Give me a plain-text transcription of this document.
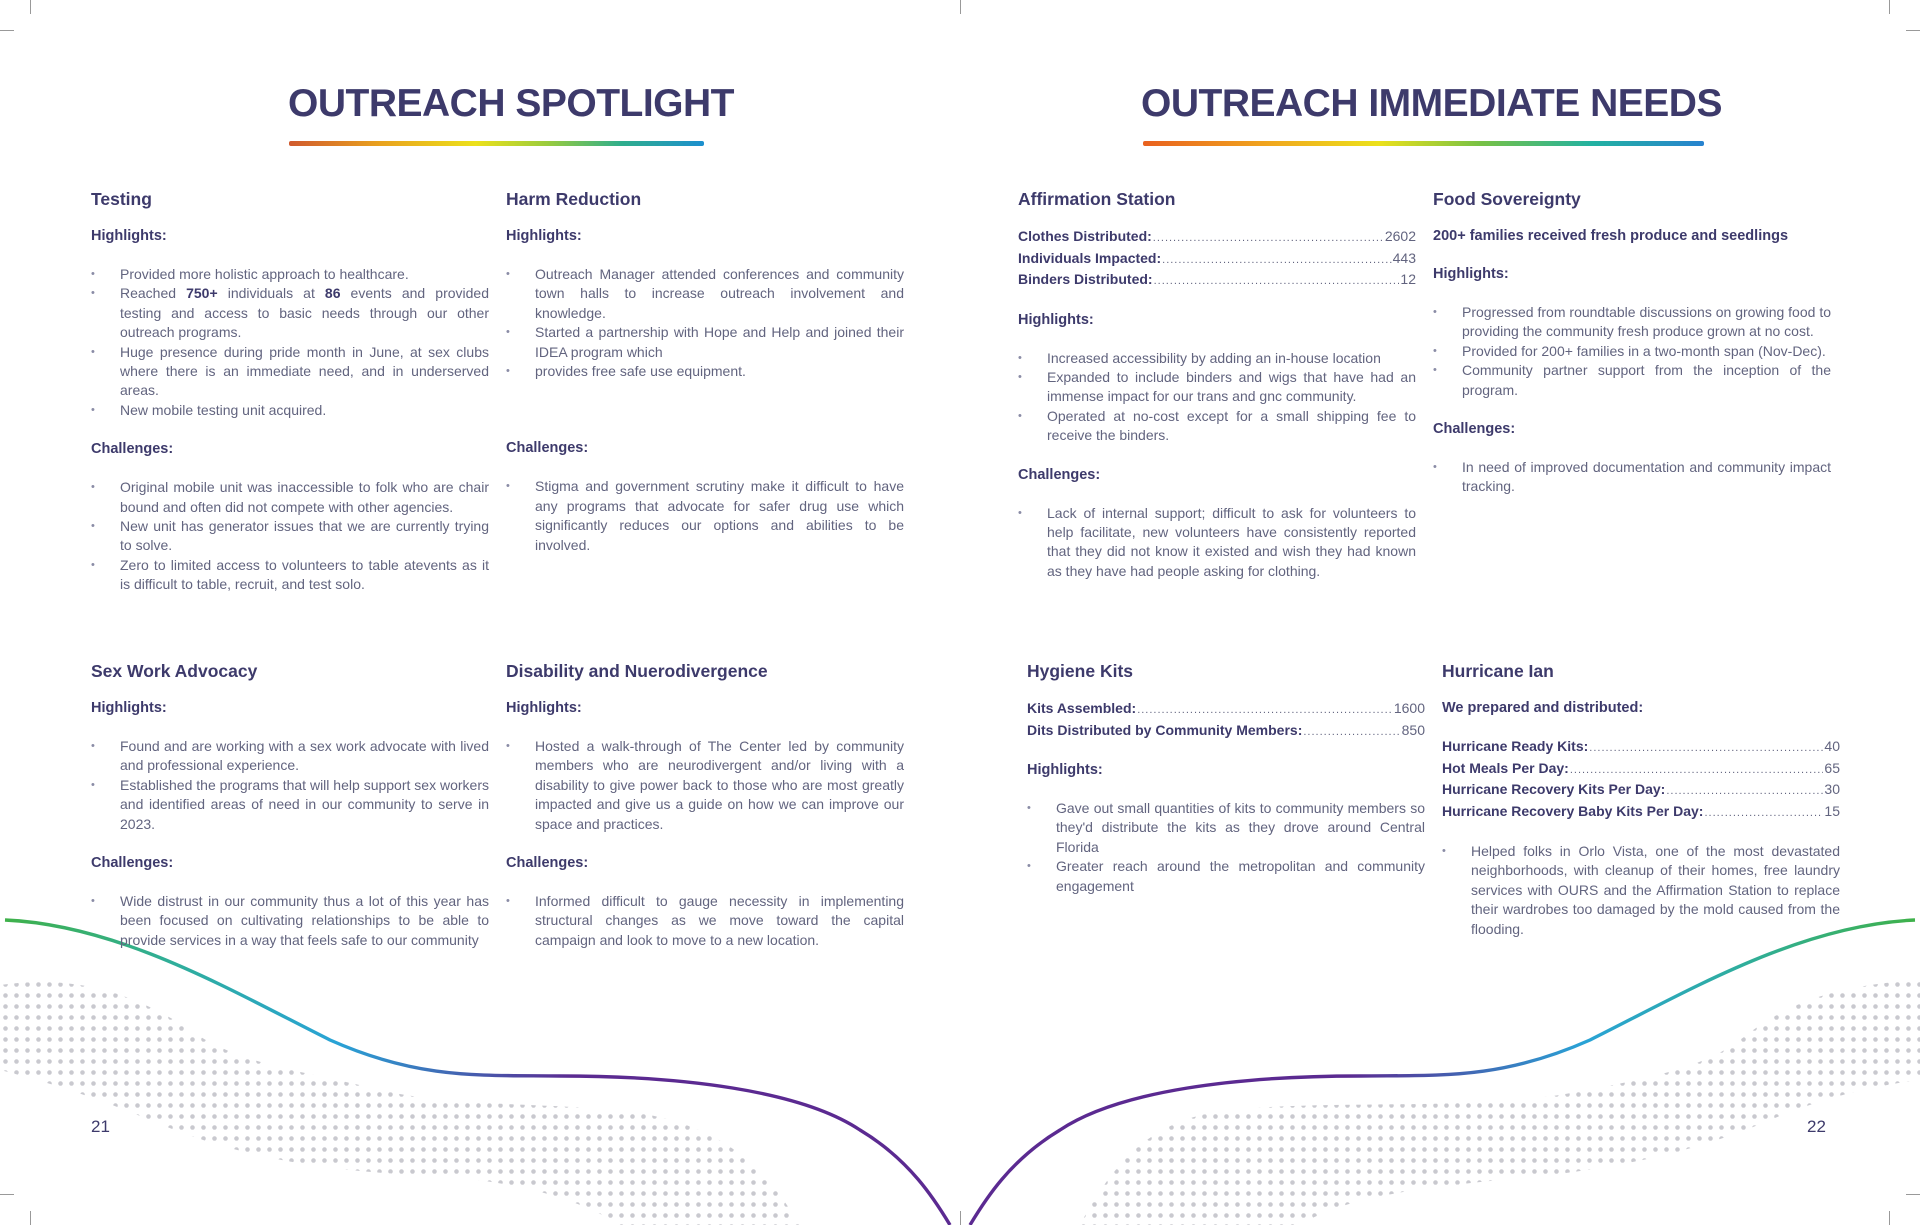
OUTREACH SPOTLIGHT	OUTREACH IMMEDIATE NEEDS
Testing
Highlights:
• Provided more holistic approach to healthcare.
• Reached 750+ individuals at 86 events and provided testing and access to basic needs through our other outreach programs.
• Huge presence during pride month in June, at sex clubs where there is an immediate need, and in underserved areas.
• New mobile testing unit acquired.
Challenges:
• Original mobile unit was inaccessible to folk who are chair bound and often did not compete with other agencies.
• New unit has generator issues that we are currently trying to solve.
• Zero to limited access to volunteers to table atevents as it is difficult to table, recruit, and test solo.
Harm Reduction
Highlights:
• Outreach Manager attended conferences and community town halls to increase outreach involvement and knowledge.
• Started a partnership with Hope and Help and joined their IDEA program which
• provides free safe use equipment.
Challenges:
• Stigma and government scrutiny make it difficult to have any programs that advocate for safer drug use which significantly reduces our options and abilities to be involved.
Sex Work Advocacy
Highlights:
• Found and are working with a sex work advocate with lived and professional experience.
• Established the programs that will help support sex workers and identified areas of need in our community to serve in 2023.
Challenges:
• Wide distrust in our community thus a lot of this year has been focused on cultivating relationships to be able to provide services in a way that feels safe to our community
Disability and Nuerodivergence
Highlights:
• Hosted a walk-through of The Center led by community members who are neurodivergent and/or living with a disability to give power back to those who are most greatly impacted and give us a guide on how we can improve our space and practices.
Challenges:
• Informed difficult to gauge necessity in implementing structural changes as we move toward the capital campaign and look to move to a new location.
Affirmation Station
Clothes Distributed: .....	2602
Individuals Impacted: .....	443
Binders Distributed: .....	12
Highlights:
• Increased accessibility by adding an in-house location
• Expanded to include binders and wigs that have had an immense impact for our trans and gnc community.
• Operated at no-cost except for a small shipping fee to receive the binders.
Challenges:
• Lack of internal support; difficult to ask for volunteers to help facilitate, new volunteers have consistently reported that they did not know it existed and wish they had known as they have had people asking for clothing.
Food Sovereignty
200+ families received fresh produce and seedlings
Highlights:
• Progressed from roundtable discussions on growing food to providing the community fresh produce grown at no cost.
• Provided for 200+ families in a two-month span (Nov-Dec).
• Community partner support from the inception of the program.
Challenges:
• In need of improved documentation and community impact tracking.
Hygiene Kits
Kits Assembled: .....	1600
Dits Distributed by Community Members: .....	850
Highlights:
• Gave out small quantities of kits to community members so they'd distribute the kits as they drove around Central Florida
• Greater reach around the metropolitan and community engagement
Hurricane Ian
We prepared and distributed:
Hurricane Ready Kits: .....	40
Hot Meals Per Day: .....	65
Hurricane Recovery Kits Per Day: .....	30
Hurricane Recovery Baby Kits Per Day: .....	15
• Helped folks in Orlo Vista, one of the most devastated neighborhoods, with cleanup of their homes, free laundry services with OURS and the Affirmation Station to replace their wardrobes too damaged by the mold caused from the flooding.
21	22
